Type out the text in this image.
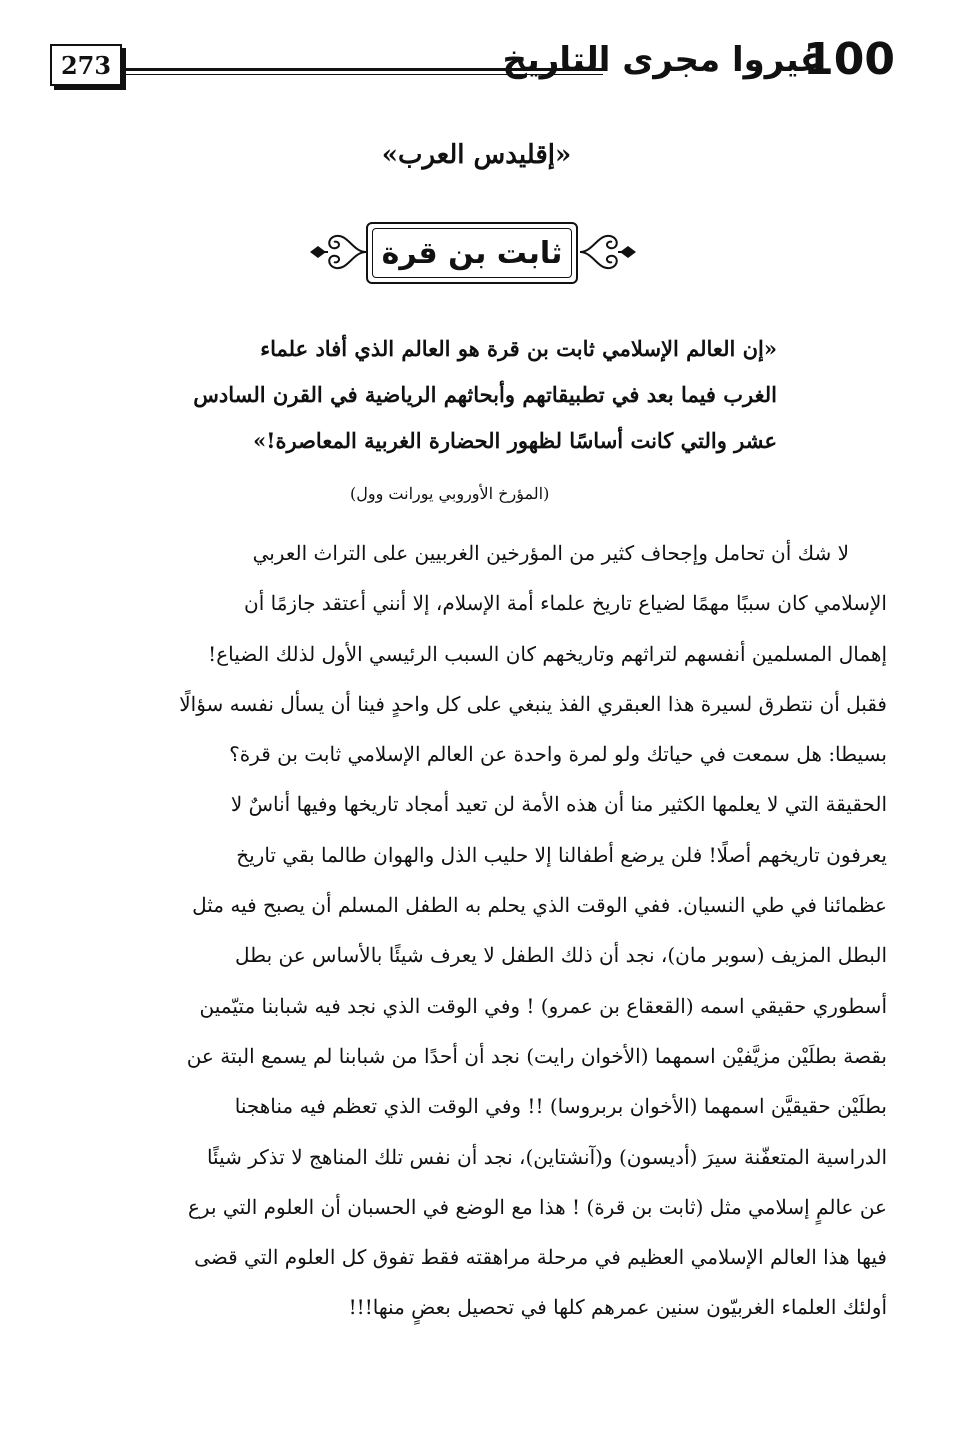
273	غيروا مجرى التاريخ
100
«إقليدس العرب»
ثابت بن قرة

«إن العالم الإسلامي ثابت بن قرة هو العالم الذي أفاد علماء

الغرب فيما بعد في تطبيقاتهم وأبحاثهم الرياضية في القرن السادس

عشر والتي كانت أساسًا لظهور الحضارة الغربية المعاصرة!»

(المؤرخ الأوروبي يورانت وول)

لا شك أن تحامل وإجحاف كثير من المؤرخين الغربيين على التراث العربي

الإسلامي كان سببًا مهمًا لضياع تاريخ علماء أمة الإسلام، إلا أنني أعتقد جازمًا أن

إهمال المسلمين أنفسهم لتراثهم وتاريخهم كان السبب الرئيسي الأول لذلك الضياع!

فقبل أن نتطرق لسيرة هذا العبقري الفذ ينبغي على كل واحدٍ فينا أن يسأل نفسه سؤالًا

بسيطا: هل سمعت في حياتك ولو لمرة واحدة عن العالم الإسلامي ثابت بن قرة؟

الحقيقة التي لا يعلمها الكثير منا أن هذه الأمة لن تعيد أمجاد تاريخها وفيها أناسٌ لا

يعرفون تاريخهم أصلًا! فلن يرضع أطفالنا إلا حليب الذل والهوان طالما بقي تاريخ

عظمائنا في طي النسيان. ففي الوقت الذي يحلم به الطفل المسلم أن يصبح فيه مثل

البطل المزيف (سوبر مان)، نجد أن ذلك الطفل لا يعرف شيئًا بالأساس عن بطل

أسطوري حقيقي اسمه (القعقاع بن عمرو) ! وفي الوقت الذي نجد فيه شبابنا متيّمين

بقصة بطلَيْن مزيَّفيْن اسمهما (الأخوان رايت) نجد أن أحدًا من شبابنا لم يسمع البتة عن

بطلَيْن حقيقيَّن اسمهما (الأخوان بربروسا) !! وفي الوقت الذي تعظم فيه مناهجنا

الدراسية المتعفّنة سيرَ (أديسون) و(آنشتاين)، نجد أن نفس تلك المناهج لا تذكر شيئًا

عن عالمٍ إسلامي مثل (ثابت بن قرة) ! هذا مع الوضع في الحسبان أن العلوم التي برع

فيها هذا العالم الإسلامي العظيم في مرحلة مراهقته فقط تفوق كل العلوم التي قضى

أولئك العلماء الغربيّون سنين عمرهم كلها في تحصيل بعضٍ منها!!!
